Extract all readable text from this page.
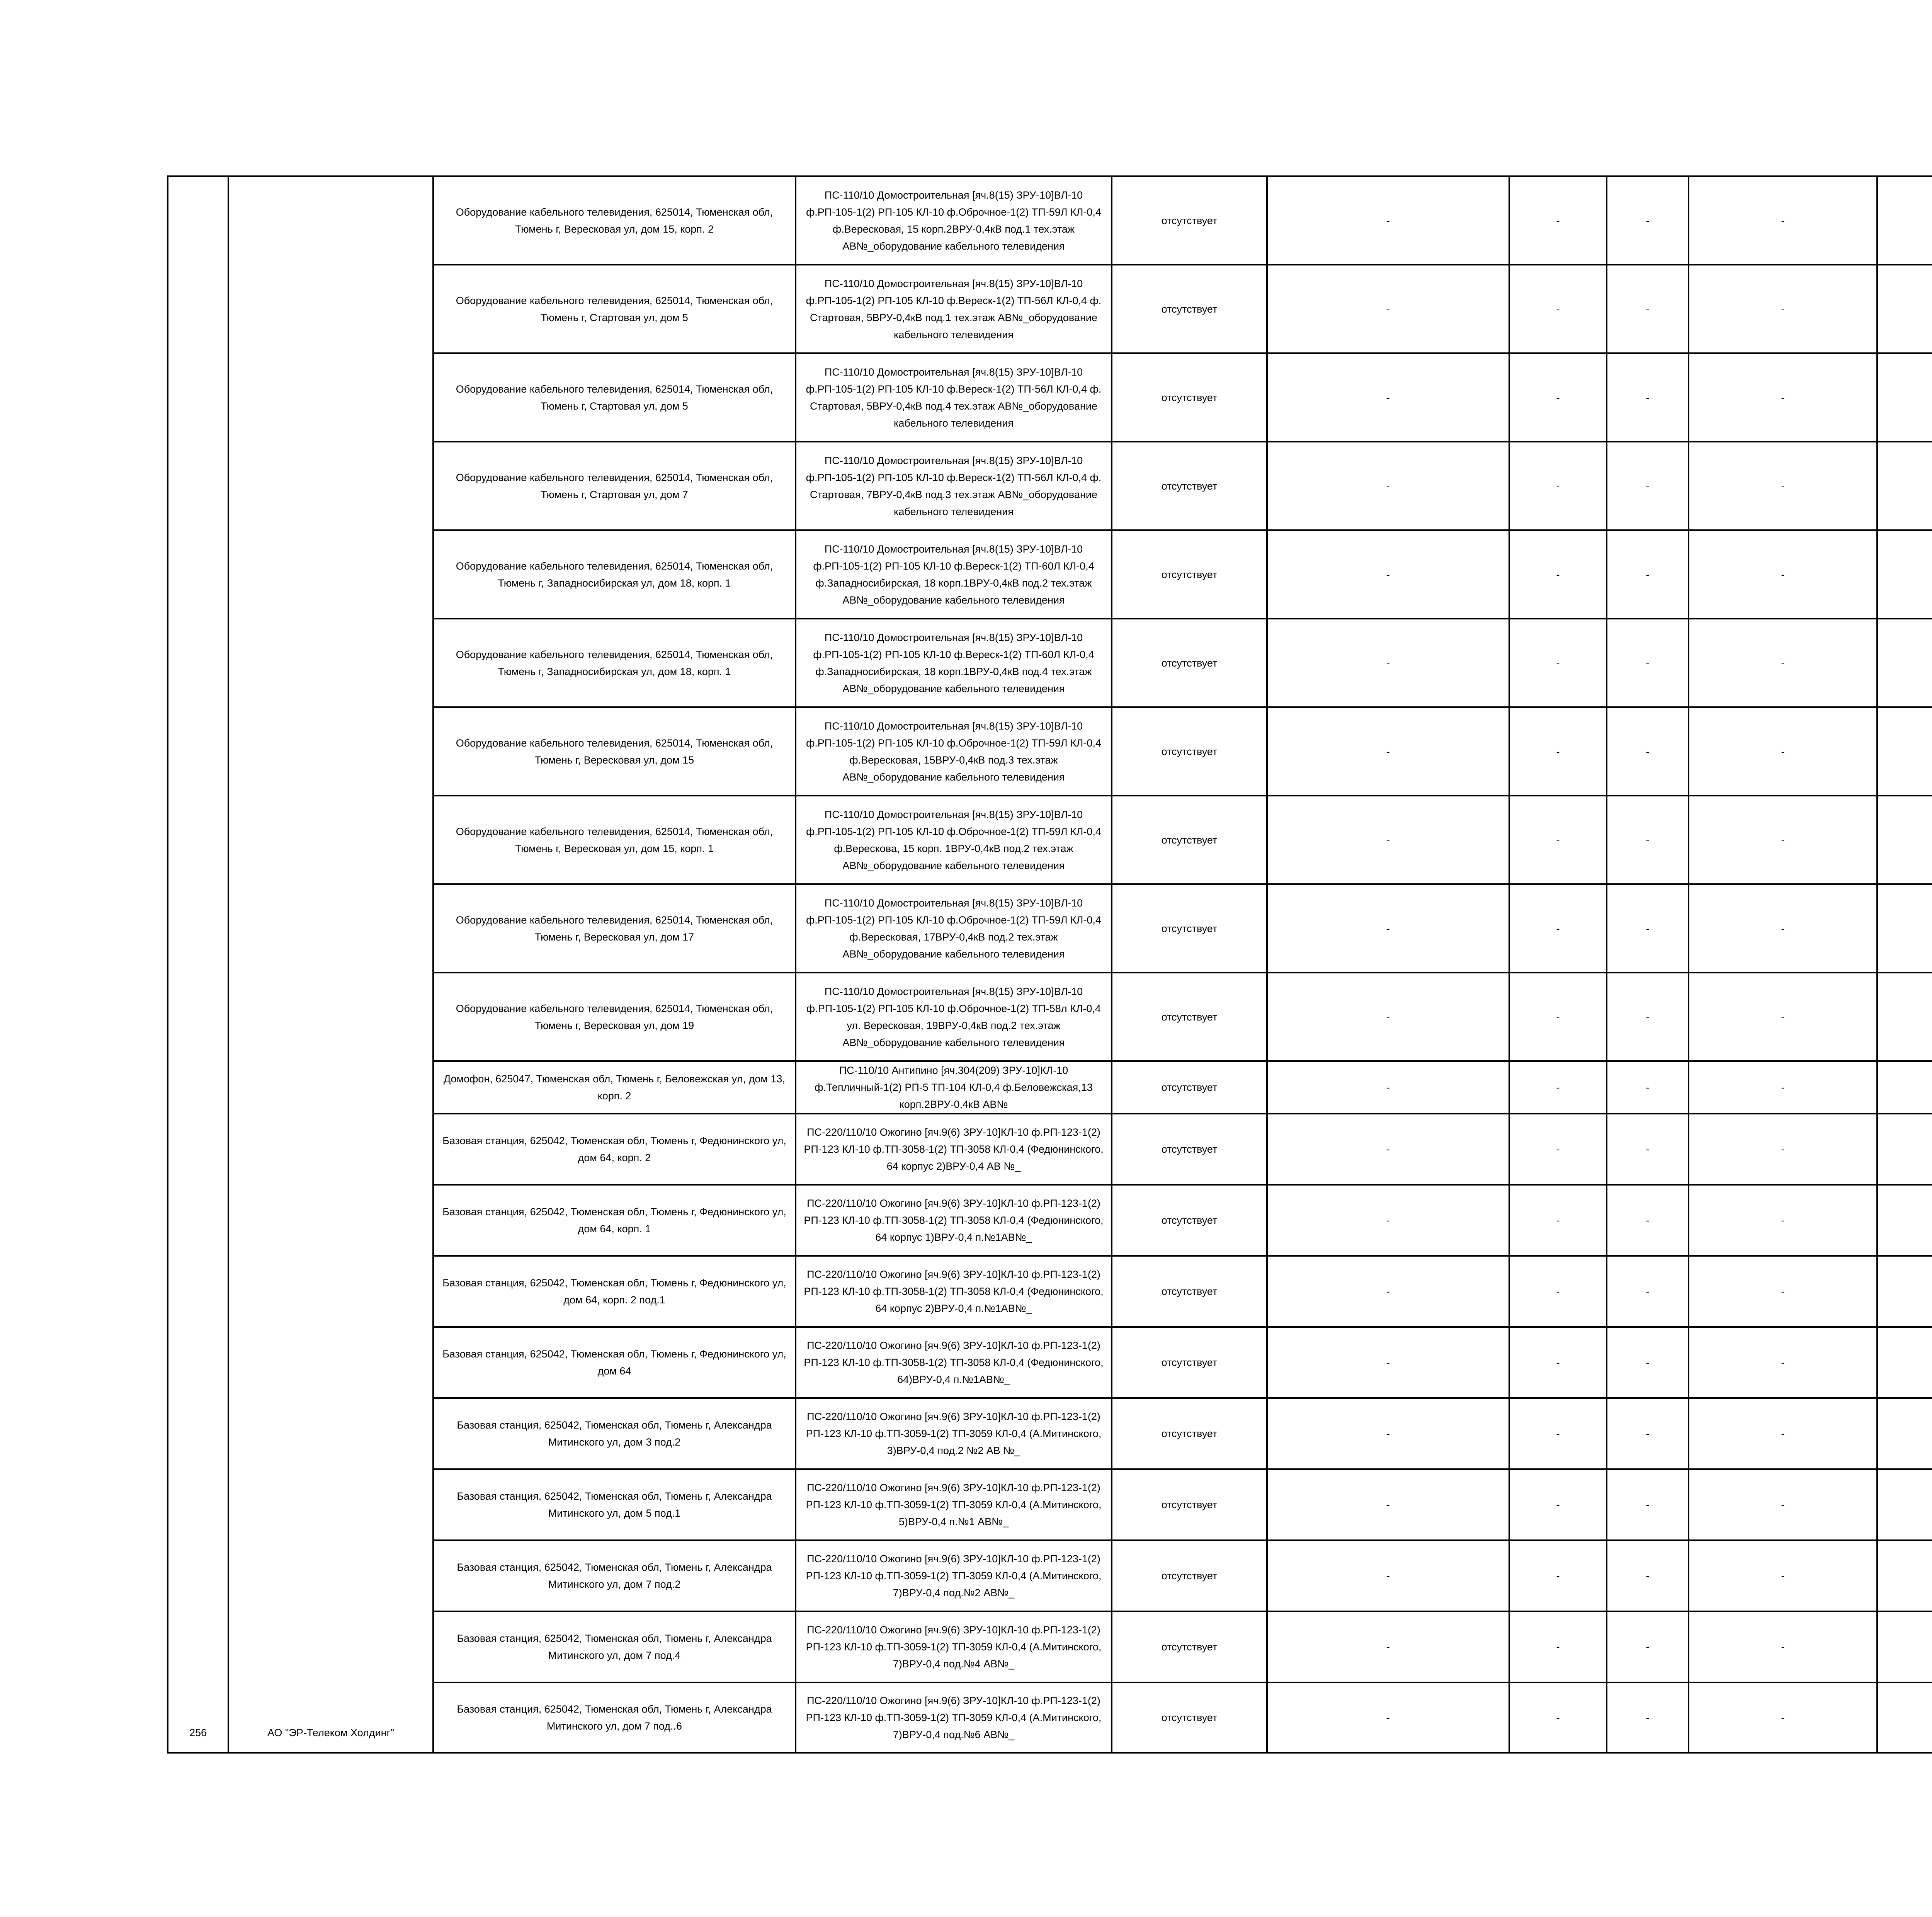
256	АО "ЭР-Телеком Холдинг"	Оборудование кабельного телевидения, 625014, Тюменская обл, Тюмень г, Вересковая ул, дом 15, корп. 2	ПС-110/10 Домостроительная [яч.8(15) ЗРУ-10]ВЛ-10 ф.РП-105-1(2) РП-105 КЛ-10 ф.Оброчное-1(2) ТП-59Л КЛ-0,4 ф.Вересковая, 15 корп.2ВРУ-0,4кВ под.1 тех.этаж АВ№_оборудование кабельного телевидения	отсутствует	-	-	-	-		
		Оборудование кабельного телевидения, 625014, Тюменская обл, Тюмень г, Стартовая ул, дом 5	ПС-110/10 Домостроительная [яч.8(15) ЗРУ-10]ВЛ-10 ф.РП-105-1(2) РП-105 КЛ-10 ф.Вереск-1(2) ТП-56Л КЛ-0,4 ф. Стартовая, 5ВРУ-0,4кВ под.1 тех.этаж АВ№_оборудование кабельного телевидения	отсутствует	-	-	-	-		
		Оборудование кабельного телевидения, 625014, Тюменская обл, Тюмень г, Стартовая ул, дом 5	ПС-110/10 Домостроительная [яч.8(15) ЗРУ-10]ВЛ-10 ф.РП-105-1(2) РП-105 КЛ-10 ф.Вереск-1(2) ТП-56Л КЛ-0,4 ф. Стартовая, 5ВРУ-0,4кВ под.4 тех.этаж АВ№_оборудование кабельного телевидения	отсутствует	-	-	-	-		
		Оборудование кабельного телевидения, 625014, Тюменская обл, Тюмень г, Стартовая ул, дом 7	ПС-110/10 Домостроительная [яч.8(15) ЗРУ-10]ВЛ-10 ф.РП-105-1(2) РП-105 КЛ-10 ф.Вереск-1(2) ТП-56Л КЛ-0,4 ф. Стартовая, 7ВРУ-0,4кВ под.3 тех.этаж АВ№_оборудование кабельного телевидения	отсутствует	-	-	-	-		
		Оборудование кабельного телевидения, 625014, Тюменская обл, Тюмень г, Западносибирская ул, дом 18, корп. 1	ПС-110/10 Домостроительная [яч.8(15) ЗРУ-10]ВЛ-10 ф.РП-105-1(2) РП-105 КЛ-10 ф.Вереск-1(2) ТП-60Л КЛ-0,4 ф.Западносибирская, 18 корп.1ВРУ-0,4кВ под.2 тех.этаж АВ№_оборудование кабельного телевидения	отсутствует	-	-	-	-		
		Оборудование кабельного телевидения, 625014, Тюменская обл, Тюмень г, Западносибирская ул, дом 18, корп. 1	ПС-110/10 Домостроительная [яч.8(15) ЗРУ-10]ВЛ-10 ф.РП-105-1(2) РП-105 КЛ-10 ф.Вереск-1(2) ТП-60Л КЛ-0,4 ф.Западносибирская, 18 корп.1ВРУ-0,4кВ под.4 тех.этаж АВ№_оборудование кабельного телевидения	отсутствует	-	-	-	-		
		Оборудование кабельного телевидения, 625014, Тюменская обл, Тюмень г, Вересковая ул, дом 15	ПС-110/10 Домостроительная [яч.8(15) ЗРУ-10]ВЛ-10 ф.РП-105-1(2) РП-105 КЛ-10 ф.Оброчное-1(2) ТП-59Л КЛ-0,4 ф.Вересковая, 15ВРУ-0,4кВ под.3 тех.этаж АВ№_оборудование кабельного телевидения	отсутствует	-	-	-	-		
		Оборудование кабельного телевидения, 625014, Тюменская обл, Тюмень г, Вересковая ул, дом 15, корп. 1	ПС-110/10 Домостроительная [яч.8(15) ЗРУ-10]ВЛ-10 ф.РП-105-1(2) РП-105 КЛ-10 ф.Оброчное-1(2) ТП-59Л КЛ-0,4 ф.Вересковa, 15 корп. 1ВРУ-0,4кВ под.2 тех.этаж АВ№_оборудование кабельного телевидения	отсутствует	-	-	-	-		
		Оборудование кабельного телевидения, 625014, Тюменская обл, Тюмень г, Вересковая ул, дом 17	ПС-110/10 Домостроительная [яч.8(15) ЗРУ-10]ВЛ-10 ф.РП-105-1(2) РП-105 КЛ-10 ф.Оброчное-1(2) ТП-59Л КЛ-0,4 ф.Вересковая, 17ВРУ-0,4кВ под.2 тех.этаж АВ№_оборудование кабельного телевидения	отсутствует	-	-	-	-		
		Оборудование кабельного телевидения, 625014, Тюменская обл, Тюмень г, Вересковая ул, дом 19	ПС-110/10 Домостроительная [яч.8(15) ЗРУ-10]ВЛ-10 ф.РП-105-1(2) РП-105 КЛ-10 ф.Оброчное-1(2) ТП-58л КЛ-0,4 ул. Вересковая, 19ВРУ-0,4кВ под.2 тех.этаж АВ№_оборудование кабельного телевидения	отсутствует	-	-	-	-		
		Домофон, 625047, Тюменская обл, Тюмень г, Беловежская ул, дом 13, корп. 2	ПС-110/10 Антипино [яч.304(209) ЗРУ-10]КЛ-10 ф.Тепличный-1(2) РП-5 ТП-104 КЛ-0,4 ф.Беловежская,13 корп.2ВРУ-0,4кВ АВ№	отсутствует	-	-	-	-		
		Базовая станция, 625042, Тюменская обл, Тюмень г, Федюнинского ул, дом 64, корп. 2	ПС-220/110/10 Ожогино [яч.9(6) ЗРУ-10]КЛ-10 ф.РП-123-1(2) РП-123 КЛ-10 ф.ТП-3058-1(2) ТП-3058 КЛ-0,4 (Федюнинского, 64 корпус 2)ВРУ-0,4 АВ №_	отсутствует	-	-	-	-		
		Базовая станция, 625042, Тюменская обл, Тюмень г, Федюнинского ул, дом 64, корп. 1	ПС-220/110/10 Ожогино [яч.9(6) ЗРУ-10]КЛ-10 ф.РП-123-1(2) РП-123 КЛ-10 ф.ТП-3058-1(2) ТП-3058 КЛ-0,4 (Федюнинского, 64 корпус 1)ВРУ-0,4 п.№1АВ№_	отсутствует	-	-	-	-		
		Базовая станция, 625042, Тюменская обл, Тюмень г, Федюнинского ул, дом 64, корп. 2 под.1	ПС-220/110/10 Ожогино [яч.9(6) ЗРУ-10]КЛ-10 ф.РП-123-1(2) РП-123 КЛ-10 ф.ТП-3058-1(2) ТП-3058 КЛ-0,4 (Федюнинского, 64 корпус 2)ВРУ-0,4 п.№1АВ№_	отсутствует	-	-	-	-		
		Базовая станция, 625042, Тюменская обл, Тюмень г, Федюнинского ул, дом 64	ПС-220/110/10 Ожогино [яч.9(6) ЗРУ-10]КЛ-10 ф.РП-123-1(2) РП-123 КЛ-10 ф.ТП-3058-1(2) ТП-3058 КЛ-0,4 (Федюнинского, 64)ВРУ-0,4 п.№1АВ№_	отсутствует	-	-	-	-		
		Базовая станция, 625042, Тюменская обл, Тюмень г, Александра Митинского ул, дом 3 под.2	ПС-220/110/10 Ожогино [яч.9(6) ЗРУ-10]КЛ-10 ф.РП-123-1(2) РП-123 КЛ-10 ф.ТП-3059-1(2) ТП-3059 КЛ-0,4 (А.Митинского, 3)ВРУ-0,4 под.2 №2 АВ №_	отсутствует	-	-	-	-		
		Базовая станция, 625042, Тюменская обл, Тюмень г, Александра Митинского ул, дом 5 под.1	ПС-220/110/10 Ожогино [яч.9(6) ЗРУ-10]КЛ-10 ф.РП-123-1(2) РП-123 КЛ-10 ф.ТП-3059-1(2) ТП-3059 КЛ-0,4 (А.Митинского, 5)ВРУ-0,4 п.№1 АВ№_	отсутствует	-	-	-	-		
		Базовая станция, 625042, Тюменская обл, Тюмень г, Александра Митинского ул, дом 7 под.2	ПС-220/110/10 Ожогино [яч.9(6) ЗРУ-10]КЛ-10 ф.РП-123-1(2) РП-123 КЛ-10 ф.ТП-3059-1(2) ТП-3059 КЛ-0,4 (А.Митинского, 7)ВРУ-0,4 под.№2 АВ№_	отсутствует	-	-	-	-		
		Базовая станция, 625042, Тюменская обл, Тюмень г, Александра Митинского ул, дом 7 под.4	ПС-220/110/10 Ожогино [яч.9(6) ЗРУ-10]КЛ-10 ф.РП-123-1(2) РП-123 КЛ-10 ф.ТП-3059-1(2) ТП-3059 КЛ-0,4 (А.Митинского, 7)ВРУ-0,4 под.№4 АВ№_	отсутствует	-	-	-	-		
		Базовая станция, 625042, Тюменская обл, Тюмень г, Александра Митинского ул, дом 7 под..6	ПС-220/110/10 Ожогино [яч.9(6) ЗРУ-10]КЛ-10 ф.РП-123-1(2) РП-123 КЛ-10 ф.ТП-3059-1(2) ТП-3059 КЛ-0,4 (А.Митинского, 7)ВРУ-0,4 под.№6 АВ№_	отсутствует	-	-	-	-		
